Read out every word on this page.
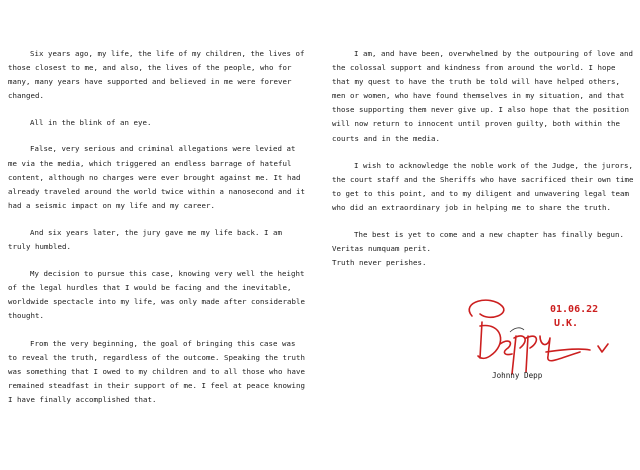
Six years ago, my life, the life of my children, the lives of those closest to me, and also, the lives of the people, who for many, many years have supported and believed in me were forever changed.

All in the blink of an eye.

False, very serious and criminal allegations were levied at me via the media, which triggered an endless barrage of hateful content, although no charges were ever brought against me. It had already traveled around the world twice within a nanosecond and it had a seismic impact on my life and my career.

And six years later, the jury gave me my life back. I am truly humbled.

My decision to pursue this case, knowing very well the height of the legal hurdles that I would be facing and the inevitable, worldwide spectacle into my life, was only made after considerable thought.

From the very beginning, the goal of bringing this case was to reveal the truth, regardless of the outcome. Speaking the truth was something that I owed to my children and to all those who have remained steadfast in their support of me. I feel at peace knowing I have finally accomplished that.

I am, and have been, overwhelmed by the outpouring of love and the colossal support and kindness from around the world. I hope that my quest to have the truth be told will have helped others, men or women, who have found themselves in my situation, and that those supporting them never give up. I also hope that the position will now return to innocent until proven guilty, both within the courts and in the media.

I wish to acknowledge the noble work of the Judge, the jurors, the court staff and the Sheriffs who have sacrificed their own time to get to this point, and to my diligent and unwavering legal team who did an extraordinary job in helping me to share the truth.

The best is yet to come and a new chapter has finally begun.

Veritas numquam perit.
Truth never perishes.
01.06.22
U.K.
Johnny Depp
